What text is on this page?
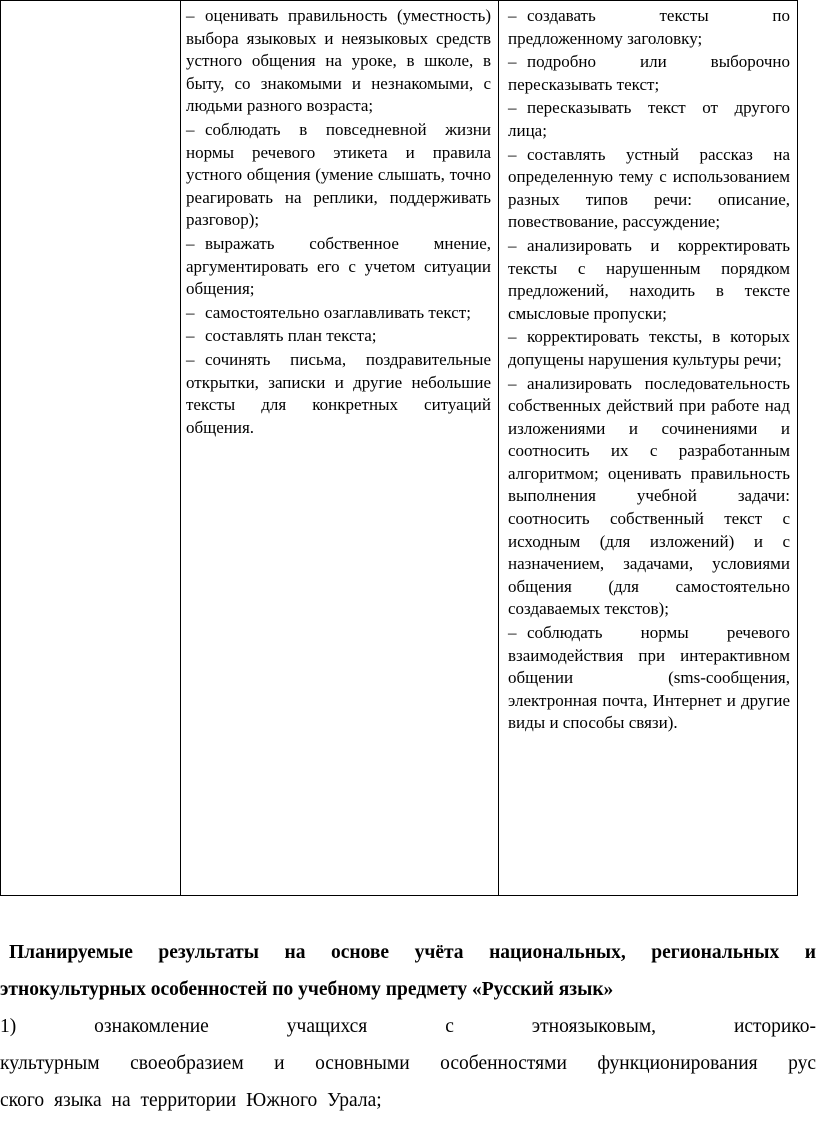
– оценивать правильность (уместность) выбора языковых и неязыковых средств устного общения на уроке, в школе, в быту, со знакомыми и незнакомыми, с людьми разного возраста;
– соблюдать в повседневной жизни нормы речевого этикета и правила устного общения (умение слышать, точно реагировать на реплики, поддерживать разговор);
– выражать собственное мнение, аргументировать его с учетом ситуации общения;
– самостоятельно озаглавливать текст;
– составлять план текста;
– сочинять письма, поздравительные открытки, записки и другие небольшие тексты для конкретных ситуаций общения.
– создавать тексты по предложенному заголовку;
– подробно или выборочно пересказывать текст;
– пересказывать текст от другого лица;
– составлять устный рассказ на определенную тему с использованием разных типов речи: описание, повествование, рассуждение;
– анализировать и корректировать тексты с нарушенным порядком предложений, находить в тексте смысловые пропуски;
– корректировать тексты, в которых допущены нарушения культуры речи;
– анализировать последовательность собственных действий при работе над изложениями и сочинениями и соотносить их с разработанным алгоритмом; оценивать правильность выполнения учебной задачи: соотносить собственный текст с исходным (для изложений) и с назначением, задачами, условиями общения (для самостоятельно создаваемых текстов);
– соблюдать нормы речевого взаимодействия при интерактивном общении (sms-сообщения, электронная почта, Интернет и другие виды и способы связи).
Планируемые результаты на основе учёта национальных, региональных и этнокультурных особенностей по учебному предмету «Русский язык»
1) ознакомление учащихся с этноязыковым, историко-
культурным своеобразием и основными особенностями функционирования рус
ского языка на территории Южного Урала;
